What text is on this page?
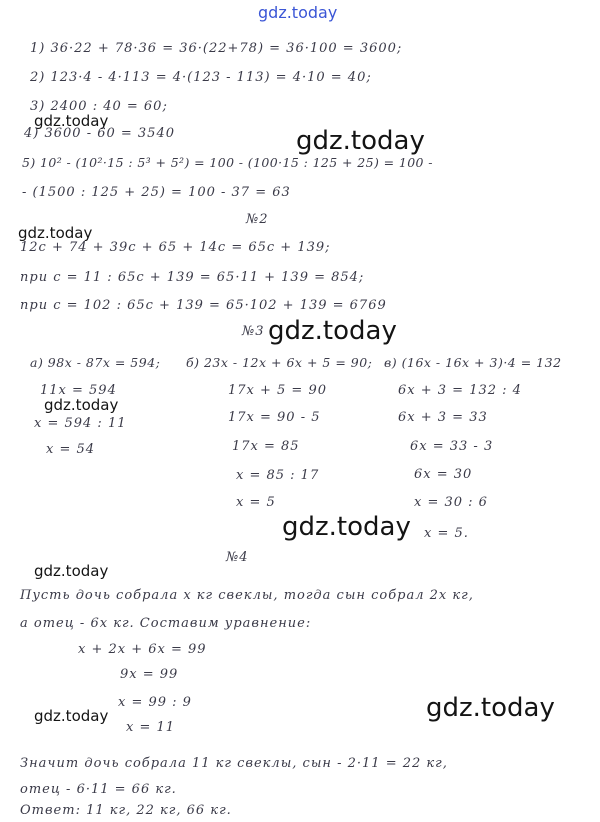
gdz.today
gdz.today
gdz.today
gdz.today
gdz.today
gdz.today
gdz.today
gdz.today
gdz.today
gdz.today
1) 36·22 + 78·36 = 36·(22+78) = 36·100 = 3600;
2) 123·4 - 4·113 = 4·(123 - 113) = 4·10 = 40;
3) 2400 : 40 = 60;
4) 3600 - 60 = 3540
5) 10² - (10²·15 : 5³ + 5²) = 100 - (100·15 : 125 + 25) = 100 -
- (1500 : 125 + 25) = 100 - 37 = 63
№2
12c + 74 + 39c + 65 + 14c = 65c + 139;
при c = 11 : 65c + 139 = 65·11 + 139 = 854;
при c = 102 : 65c + 139 = 65·102 + 139 = 6769
№3
а) 98x - 87x = 594; б) 23x - 12x + 6x + 5 = 90; в) (16x - 16x + 3)·4 = 132
11x = 594
x = 594 : 11
x = 54
17x + 5 = 90
17x = 90 - 5
17x = 85
x = 85 : 17
x = 5
6x + 3 = 132 : 4
6x + 3 = 33
6x = 33 - 3
6x = 30
x = 30 : 6
x = 5.
№4
Пусть дочь собрала x кг свеклы, тогда сын собрал 2x кг,
а отец - 6x кг. Составим уравнение:
x + 2x + 6x = 99
9x = 99
x = 99 : 9
x = 11
Значит дочь собрала 11 кг свеклы, сын - 2·11 = 22 кг,
отец - 6·11 = 66 кг.
Ответ: 11 кг, 22 кг, 66 кг.
